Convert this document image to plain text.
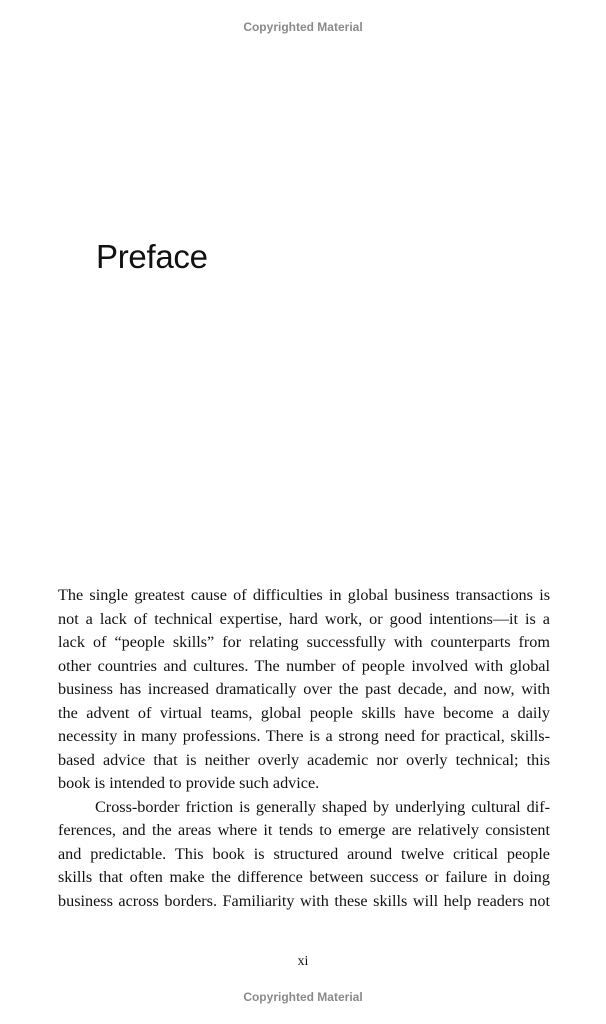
Copyrighted Material
Preface
The single greatest cause of difficulties in global business transactions is
not a lack of technical expertise, hard work, or good intentions—it is a
lack of “people skills” for relating successfully with counterparts from
other countries and cultures. The number of people involved with global
business has increased dramatically over the past decade, and now, with
the advent of virtual teams, global people skills have become a daily
necessity in many professions. There is a strong need for practical, skills-
based advice that is neither overly academic nor overly technical; this
book is intended to provide such advice.
Cross-border friction is generally shaped by underlying cultural dif-
ferences, and the areas where it tends to emerge are relatively consistent
and predictable. This book is structured around twelve critical people
skills that often make the difference between success or failure in doing
business across borders. Familiarity with these skills will help readers not
xi
Copyrighted Material
